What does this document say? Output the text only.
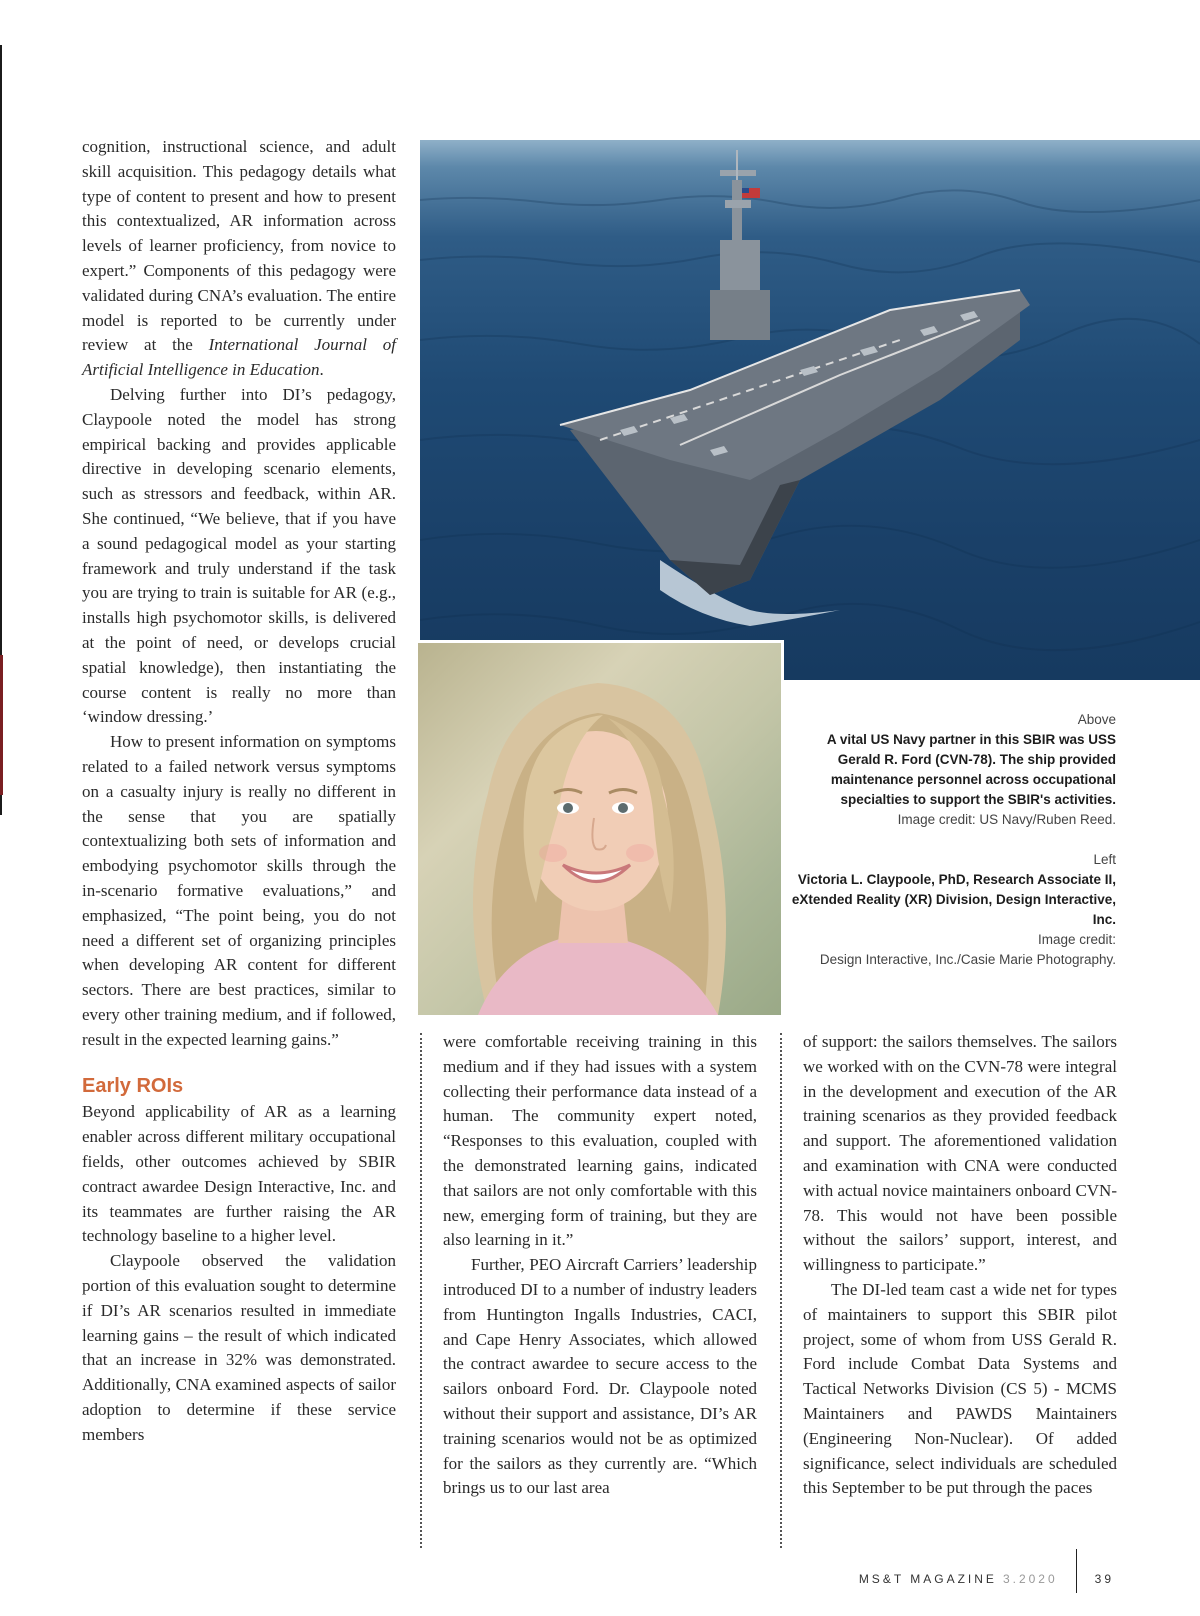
Above
A vital US Navy partner in this SBIR was USS Gerald R. Ford (CVN-78). The ship provided maintenance personnel across occupational specialties to support the SBIR's activities.
Image credit: US Navy/Ruben Reed.
Left
Victoria L. Claypoole, PhD, Research Associate II, eXtended Reality (XR) Division, Design Interactive, Inc.
Image credit:
Design Interactive, Inc./Casie Marie Photography.

cognition, instructional science, and adult skill acquisition. This pedagogy details what type of content to present and how to present this contextualized, AR information across levels of learner proficiency, from novice to expert.” Components of this pedagogy were validated during CNA’s evaluation. The entire model is reported to be currently under review at the International Journal of Artificial Intelligence in Education.

Delving further into DI’s pedagogy, Claypoole noted the model has strong empirical backing and provides applicable directive in developing scenario elements, such as stressors and feedback, within AR. She continued, “We believe, that if you have a sound pedagogical model as your starting framework and truly understand if the task you are trying to train is suitable for AR (e.g., installs high psychomotor skills, is delivered at the point of need, or develops crucial spatial knowledge), then instantiating the course content is really no more than ‘window dressing.’

How to present information on symptoms related to a failed network versus symptoms on a casualty injury is really no different in the sense that you are spatially contextualizing both sets of information and embodying psychomotor skills through the in-scenario formative evaluations,” and emphasized, “The point being, you do not need a different set of organizing principles when developing AR content for different sectors. There are best practices, similar to every other training medium, and if followed, result in the expected learning gains.”

Early ROIs

Beyond applicability of AR as a learning enabler across different military occupational fields, other outcomes achieved by SBIR contract awardee Design Interactive, Inc. and its teammates are further raising the AR technology baseline to a higher level.

Claypoole observed the validation portion of this evaluation sought to determine if DI’s AR scenarios resulted in immediate learning gains – the result of which indicated that an increase in 32% was demonstrated. Additionally, CNA examined aspects of sailor adoption to determine if these service members

were comfortable receiving training in this medium and if they had issues with a system collecting their performance data instead of a human. The community expert noted, “Responses to this evaluation, coupled with the demonstrated learning gains, indicated that sailors are not only comfortable with this new, emerging form of training, but they are also learning in it.”

Further, PEO Aircraft Carriers’ leadership introduced DI to a number of industry leaders from Huntington Ingalls Industries, CACI, and Cape Henry Associates, which allowed the contract awardee to secure access to the sailors onboard Ford. Dr. Claypoole noted without their support and assistance, DI’s AR training scenarios would not be as optimized for the sailors as they currently are. “Which brings us to our last area

of support: the sailors themselves. The sailors we worked with on the CVN-78 were integral in the development and execution of the AR training scenarios as they provided feedback and support. The aforementioned validation and examination with CNA were conducted with actual novice maintainers onboard CVN-78. This would not have been possible without the sailors’ support, interest, and willingness to participate.”

The DI-led team cast a wide net for types of maintainers to support this SBIR pilot project, some of whom from USS Gerald R. Ford include Combat Data Systems and Tactical Networks Division (CS 5) - MCMS Maintainers and PAWDS Maintainers (Engineering Non-Nuclear). Of added significance, select individuals are scheduled this September to be put through the paces

MS&T MAGAZINE 3.2020	39
